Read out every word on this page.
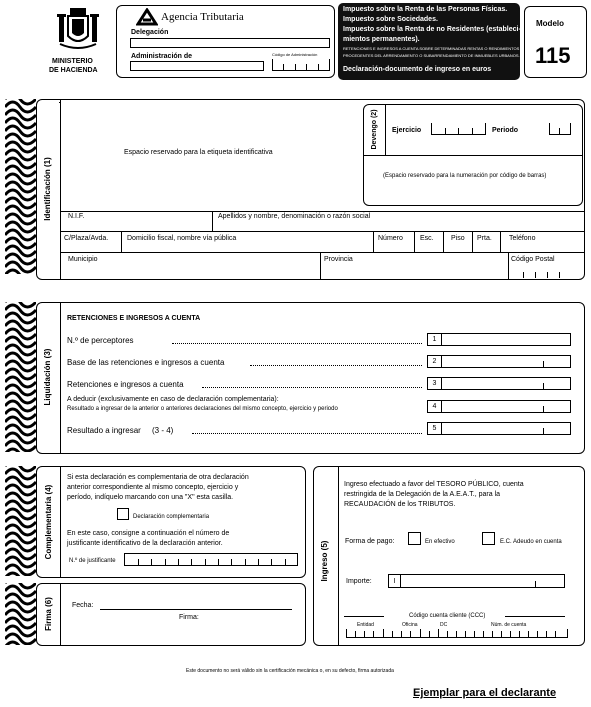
MINISTERIO
DE HACIENDA
Agencia Tributaria
Delegación
Administración de	Código de Administración
Impuesto sobre la Renta de las Personas Físicas.
Impuesto sobre Sociedades.
Impuesto sobre la Renta de no Residentes (estableci-
mientos permanentes).
RETENCIONES E INGRESOS A CUENTA SOBRE DETERMINADAS RENTAS O RENDIMIENTOS
PROCEDENTES DEL ARRENDAMIENTO O SUBARRENDAMIENTO DE INMUEBLES URBANOS.
Declaración-documento de ingreso en euros
Modelo
115
Identificación (1)
Espacio reservado para la etiqueta identificativa
Devengo (2) Ejercicio	Periodo
(Espacio reservado para la numeración por código de barras)
N.I.F.	Apellidos y nombre, denominación o razón social
C/Plaza/Avda.	Domicilio fiscal, nombre vía pública	Número Esc. Piso Prta. Teléfono
Municipio	Provincia	Código Postal
Liquidación (3)
RETENCIONES E INGRESOS A CUENTA
N.º de perceptores	1
Base de las retenciones e ingresos a cuenta	2
Retenciones e ingresos a cuenta	3
A deducir (exclusivamente en caso de declaración complementaria):
Resultado a ingresar de la anterior o anteriores declaraciones del mismo concepto, ejercicio y periodo	4
Resultado a ingresar (3 - 4)	5
Complementaria (4)
Si esta declaración es complementaria de otra declaración
anterior correspondiente al mismo concepto, ejercicio y
período, indíquelo marcando con una "X" esta casilla.
Declaración complementaria
En este caso, consigne a continuación el número de
justificante identificativo de la declaración anterior.
N.º de justificante
Firma (6)	Fecha:
Firma:
Ingreso (5)
Ingreso efectuado a favor del TESORO PÚBLICO, cuenta
restringida de la Delegación de la A.E.A.T., para la
RECAUDACIÓN de los TRIBUTOS.
Forma de pago:	En efectivo	E.C. Adeudo en cuenta
Importe:	I
Código cuenta cliente (CCC)
Entidad	Oficina	DC	Núm. de cuenta
Este documento no será válido sin la certificación mecánica o, en su defecto, firma autorizada
Ejemplar para el declarante
